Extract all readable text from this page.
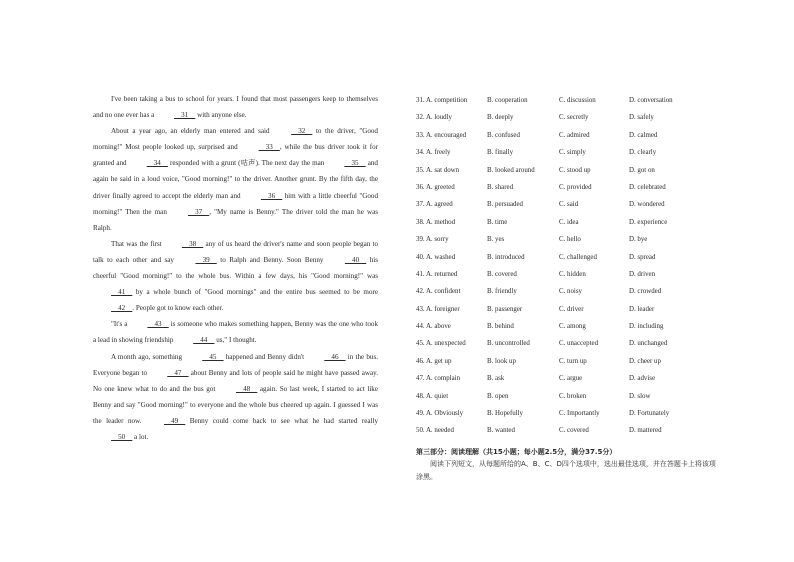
I've been taking a bus to school for years. I found that most passengers keep to themselves and no one ever has a	31     with anyone else.

About a year ago, an elderly man entered and said	32     to the driver, "Good morning!" Most people looked up, surprised and	33    , while the bus driver took it for granted and	34     responded with a grunt (咕声). The next day the man	35     and again he said in a loud voice, "Good morning!" to the driver. Another grunt. By the fifth day, the driver finally agreed to accept the elderly man and	36     him with a little cheerful "Good morning!" Then the man	37    , "My name is Benny." The driver told the man he was Ralph.

That was the first	38     any of us heard the driver's name and soon people began to talk to each other and say	39     to Ralph and Benny. Soon Benny	40     his cheerful "Good morning!" to the whole bus. Within a few days, his "Good morning!" was     41     by a whole bunch of "Good mornings" and the entire bus seemed to be more     42    . People got to know each other.

"It's a	43     is someone who makes something happen, Benny was the one who took a lead in showing friendship	44     us," I thought.

A month ago, something	45     happened and Benny didn't	46     in the bus. Everyone began to	47     about Benny and lots of people said he might have passed away. No one knew what to do and the bus got	48     again. So last week, I started to act like Benny and say "Good morning!" to everyone and the whole bus cheered up again. I guessed I was the leader now.	49     Benny could come back to see what he had started really     50     a lot.

31. A. competition	B. cooperation	C. discussion	D. conversation
32. A. loudly	B. deeply	C. secretly	D. safely
33. A. encouraged	B. confused	C. admired	D. calmed
34. A. freely	B. finally	C. simply	D. clearly
35. A. sat down	B. looked around	C. stood up	D. got on
36. A. greeted	B. shared	C. provided	D. celebrated
37. A. agreed	B. persuaded	C. said	D. wondered
38. A. method	B. time	C. idea	D. experience
39. A. sorry	B. yes	C. hello	D. bye
40. A. washed	B. introduced	C. challenged	D. spread
41. A. returned	B. covered	C. hidden	D. driven
42. A. confident	B. friendly	C. noisy	D. crowded
43. A. foreigner	B. passenger	C. driver	D. leader
44. A. above	B. behind	C. among	D. including
45. A. unexpected	B. uncontrolled	C. unaccepted	D. unchanged
46. A. get up	B. look up	C. turn up	D. cheer up
47. A. complain	B. ask	C. argue	D. advise
48. A. quiet	B. open	C. broken	D. slow
49. A. Obviously	B. Hopefully	C. Importantly	D. Fortunately
50. A. needed	B. wanted	C. covered	D. mattered
第三部分：阅读理解（共15小题；每小题2.5分，满分37.5分）
阅读下列短文，从每题所给的A、B、C、D四个选项中，选出最佳选项，并在答题卡上将该项涂黑。
